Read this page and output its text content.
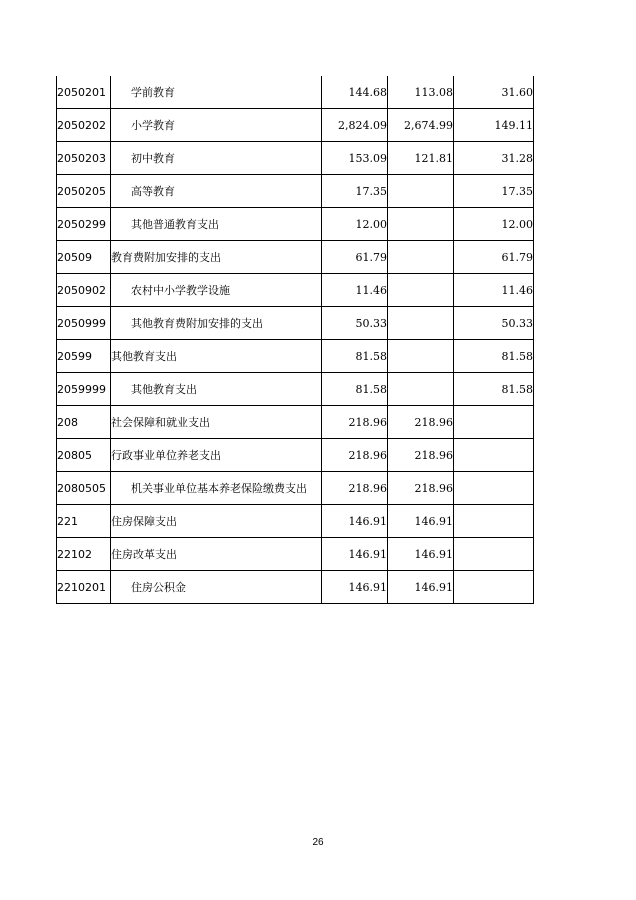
2050201	学前教育	144.68	113.08	31.60
2050202	小学教育	2,824.09	2,674.99	149.11
2050203	初中教育	153.09	121.81	31.28
2050205	高等教育	17.35		17.35
2050299	其他普通教育支出	12.00		12.00
20509	教育费附加安排的支出	61.79		61.79
2050902	农村中小学教学设施	11.46		11.46
2050999	其他教育费附加安排的支出	50.33		50.33
20599	其他教育支出	81.58		81.58
2059999	其他教育支出	81.58		81.58
208	社会保障和就业支出	218.96	218.96	
20805	行政事业单位养老支出	218.96	218.96	
2080505	机关事业单位基本养老保险缴费支出	218.96	218.96	
221	住房保障支出	146.91	146.91	
22102	住房改革支出	146.91	146.91	
2210201	住房公积金	146.91	146.91	
26
